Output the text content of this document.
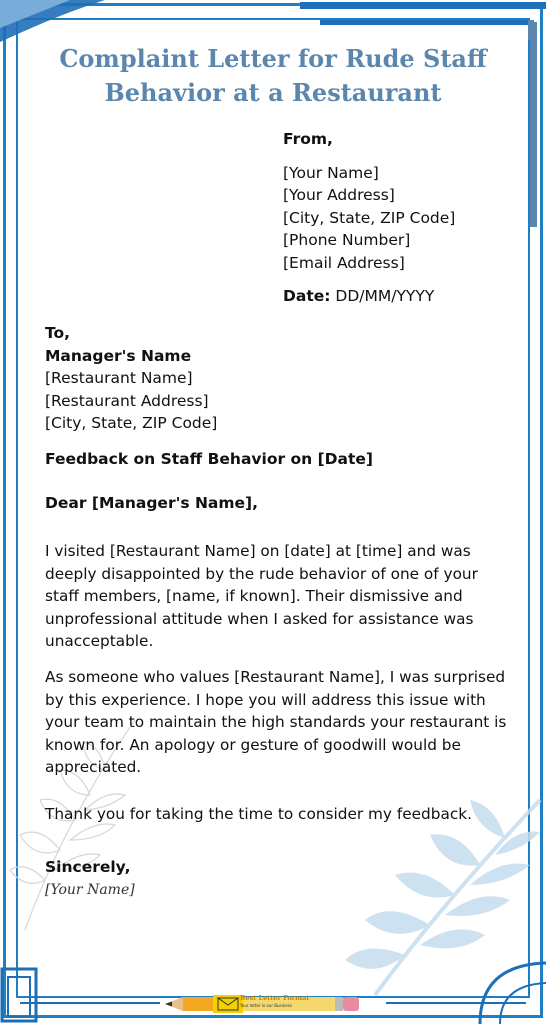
Complaint Letter for Rude Staff Behavior at a Restaurant
From,
[Your Name]
[Your Address]
[City, State, ZIP Code]
[Phone Number]
[Email Address]
Date: DD/MM/YYYY
To,
Manager's Name
[Restaurant Name]
[Restaurant Address]
[City, State, ZIP Code]
Feedback on Staff Behavior on [Date]
Dear [Manager's Name],
I visited [Restaurant Name] on [date] at [time] and was deeply disappointed by the rude behavior of one of your staff members, [name, if known]. Their dismissive and unprofessional attitude when I asked for assistance was unacceptable.
As someone who values [Restaurant Name], I was surprised by this experience. I hope you will address this issue with your team to maintain the high standards your restaurant is known for. An apology or gesture of goodwill would be appreciated.
Thank you for taking the time to consider my feedback.
Sincerely,
[Your Name]
Best Letter Format
Your letter is our Business
